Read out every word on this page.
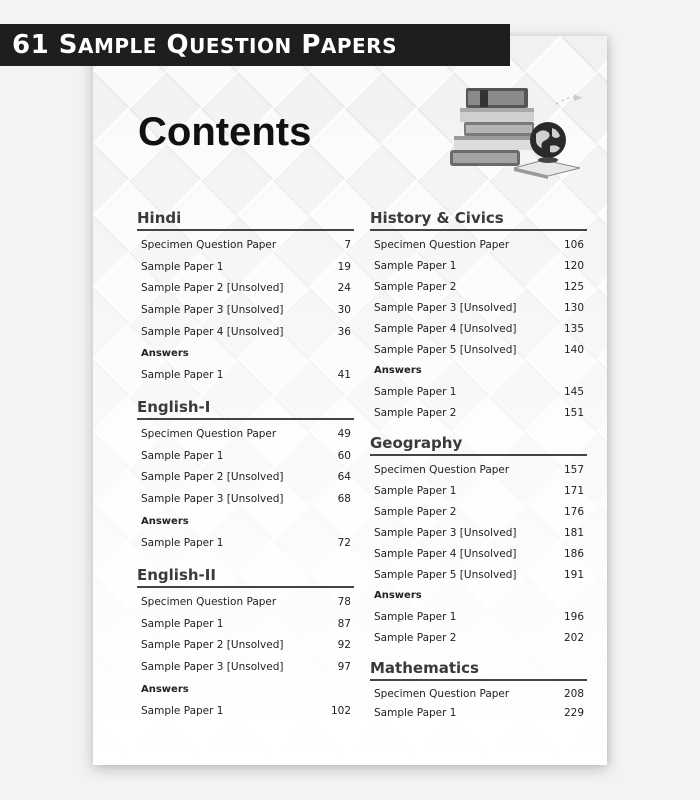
61 SAMPLE QUESTION PAPERS
Contents
Hindi
Specimen Question Paper	7
Sample Paper 1	19
Sample Paper 2 [Unsolved]	24
Sample Paper 3 [Unsolved]	30
Sample Paper 4 [Unsolved]	36
Answers
Sample Paper 1	41
English-I
Specimen Question Paper	49
Sample Paper 1	60
Sample Paper 2 [Unsolved]	64
Sample Paper 3 [Unsolved]	68
Answers
Sample Paper 1	72
English-II
Specimen Question Paper	78
Sample Paper 1	87
Sample Paper 2 [Unsolved]	92
Sample Paper 3 [Unsolved]	97
Answers
Sample Paper 1	102
History & Civics
Specimen Question Paper	106
Sample Paper 1	120
Sample Paper 2	125
Sample Paper 3 [Unsolved]	130
Sample Paper 4 [Unsolved]	135
Sample Paper 5 [Unsolved]	140
Answers
Sample Paper 1	145
Sample Paper 2	151
Geography
Specimen Question Paper	157
Sample Paper 1	171
Sample Paper 2	176
Sample Paper 3 [Unsolved]	181
Sample Paper 4 [Unsolved]	186
Sample Paper 5 [Unsolved]	191
Answers
Sample Paper 1	196
Sample Paper 2	202
Mathematics
Specimen Question Paper	208
Sample Paper 1	229
